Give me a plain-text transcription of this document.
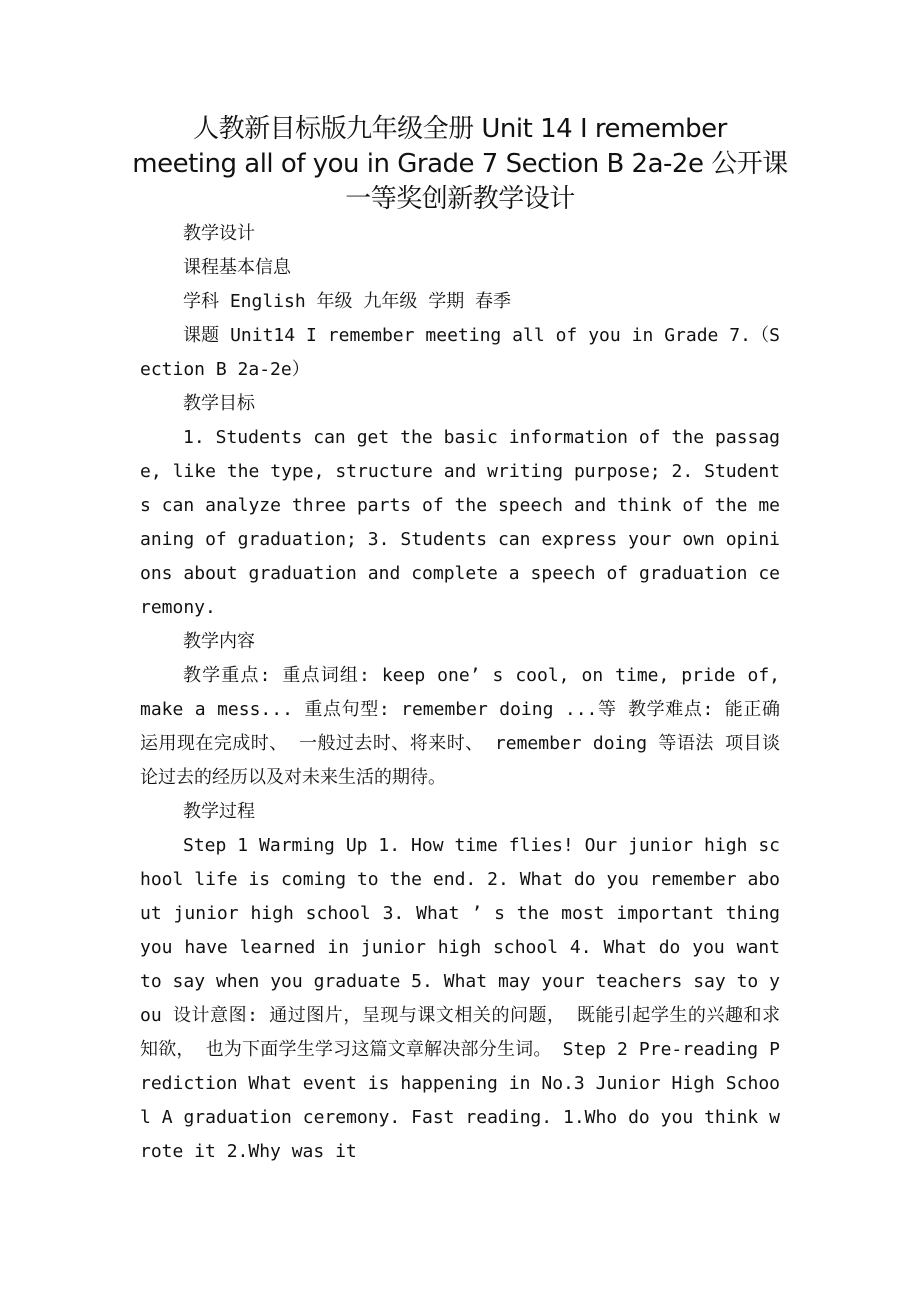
人教新目标版九年级全册 Unit 14 I remember
meeting all of you in Grade 7 Section B 2a-2e 公开课
一等奖创新教学设计

教学设计

课程基本信息

学科 English 年级 九年级 学期 春季

课题 Unit14 I remember meeting all of you in Grade 7.（Section B 2a-2e）

教学目标

1. Students can get the basic information of the passage, like the type, structure and writing purpose; 2. Students can analyze three parts of the speech and think of the meaning of graduation; 3. Students can express your own opinions about graduation and complete a speech of graduation ceremony.

教学内容

教学重点: 重点词组: keep one’ s cool, on time, pride of, make a mess... 重点句型: remember doing ...等 教学难点: 能正确运用现在完成时、 一般过去时、将来时、 remember doing 等语法 项目谈论过去的经历以及对未来生活的期待。

教学过程

Step 1 Warming Up 1. How time flies! Our junior high school life is coming to the end. 2. What do you remember about junior high school 3. What ’ s the most important thing you have learned in junior high school 4. What do you want to say when you graduate 5. What may your teachers say to you 设计意图: 通过图片，呈现与课文相关的问题， 既能引起学生的兴趣和求知欲， 也为下面学生学习这篇文章解决部分生词。 Step 2 Pre-reading Prediction What event is happening in No.3 Junior High School A graduation ceremony. Fast reading. 1.Who do you think wrote it 2.Why was it
